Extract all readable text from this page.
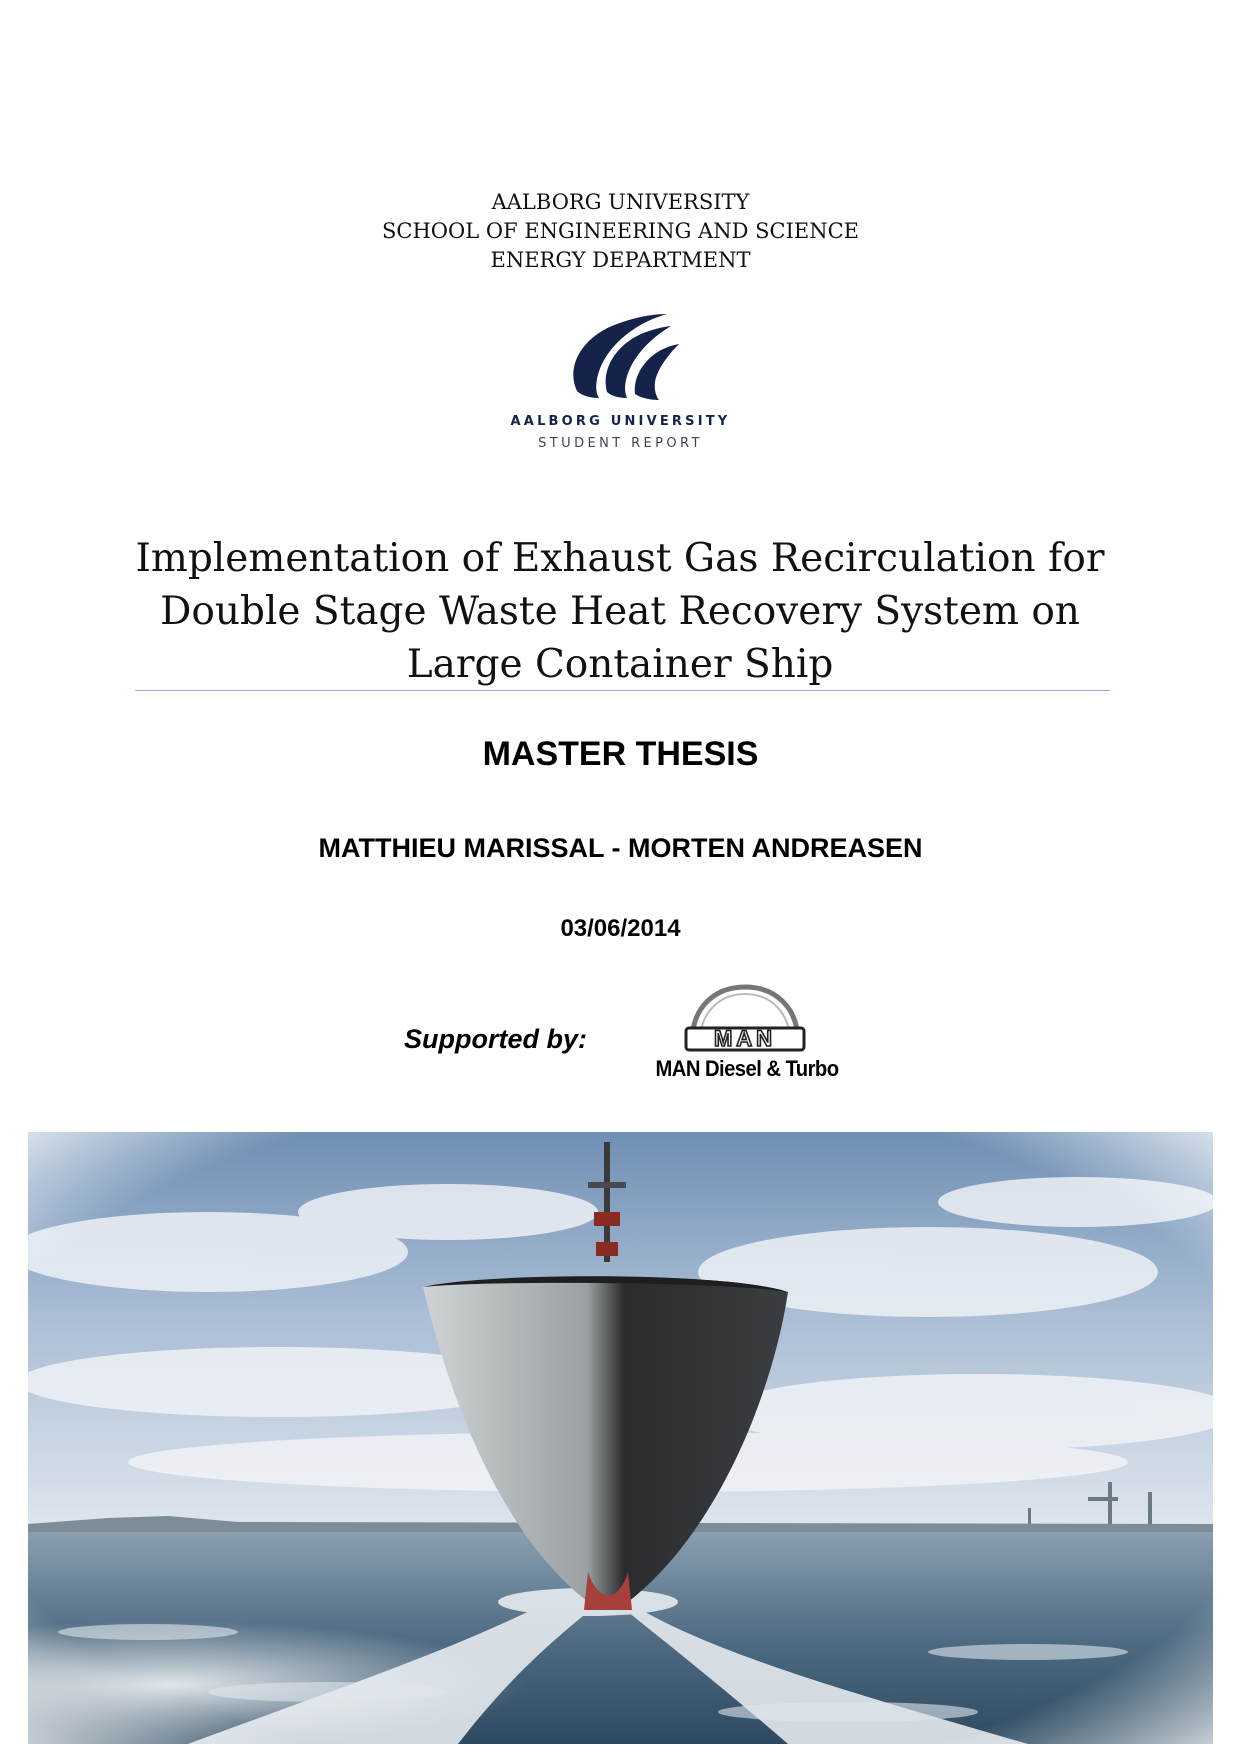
AALBORG UNIVERSITY
SCHOOL OF ENGINEERING AND SCIENCE
ENERGY DEPARTMENT
AALBORG UNIVERSITY
STUDENT REPORT
Implementation of Exhaust Gas Recirculation for
Double Stage Waste Heat Recovery System on
Large Container Ship
MASTER THESIS
MATTHIEU MARISSAL - MORTEN ANDREASEN
03/06/2014
Supported by:	MAN
MAN Diesel & Turbo
